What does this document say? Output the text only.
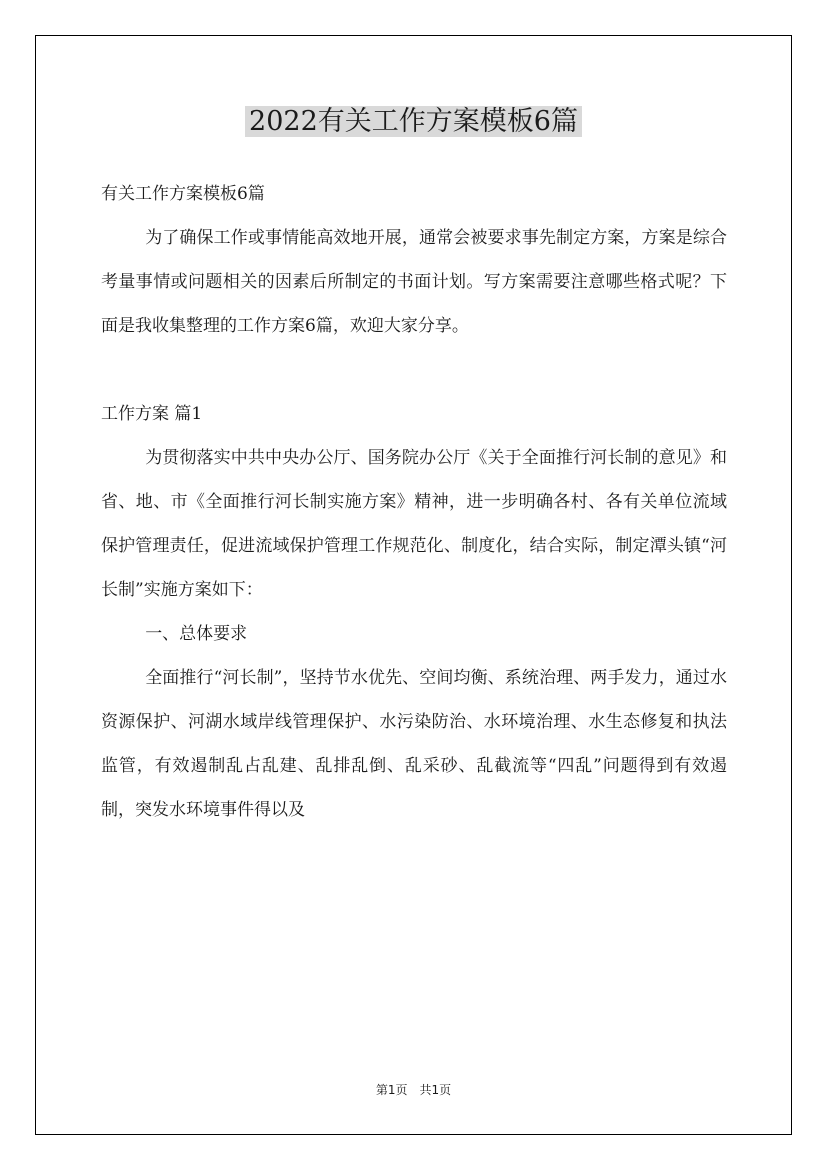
2022有关工作方案模板6篇

有关工作方案模板6篇

为了确保工作或事情能高效地开展，通常会被要求事先制定方案，方案是综合考量事情或问题相关的因素后所制定的书面计划。写方案需要注意哪些格式呢？下面是我收集整理的工作方案6篇，欢迎大家分享。

工作方案 篇1

为贯彻落实中共中央办公厅、国务院办公厅《关于全面推行河长制的意见》和省、地、市《全面推行河长制实施方案》精神，进一步明确各村、各有关单位流域保护管理责任，促进流域保护管理工作规范化、制度化，结合实际，制定潭头镇“河长制”实施方案如下：

一、总体要求

全面推行“河长制”，坚持节水优先、空间均衡、系统治理、两手发力，通过水资源保护、河湖水域岸线管理保护、水污染防治、水环境治理、水生态修复和执法监管，有效遏制乱占乱建、乱排乱倒、乱采砂、乱截流等“四乱”问题得到有效遏制，突发水环境事件得以及

第1页 共1页
